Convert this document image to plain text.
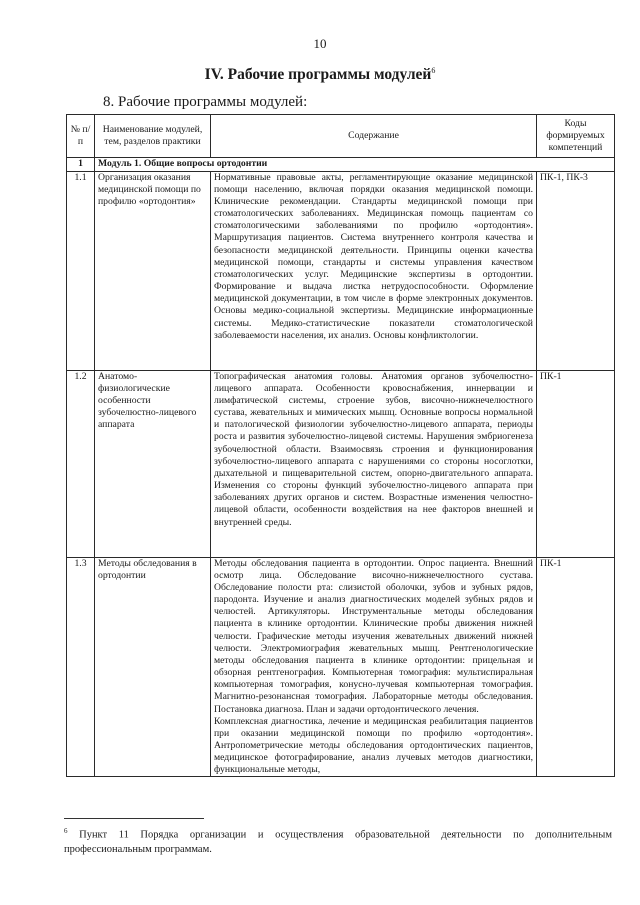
10
IV. Рабочие программы модулей$^6$
8. Рабочие программы модулей:
№ п/п	Наименование модулей, тем, разделов практики	Содержание	Коды формируемых компетенций
1	Модуль 1. Общие вопросы ортодонтии		
1.1	Организация оказания медицинской помощи по профилю «ортодонтия»	Нормативные правовые акты, регламентирующие оказание медицинской помощи населению, включая порядки оказания медицинской помощи. Клинические рекомендации. Стандарты медицинской помощи при стоматологических заболеваниях. Медицинская помощь пациентам со стоматологическими заболеваниями по профилю «ортодонтия». Маршрутизация пациентов. Система внутреннего контроля качества и безопасности медицинской деятельности. Принципы оценки качества медицинской помощи, стандарты и системы управления качеством стоматологических услуг. Медицинские экспертизы в ортодонтии. Формирование и выдача листка нетрудоспособности. Оформление медицинской документации, в том числе в форме электронных документов. Основы медико-социальной экспертизы. Медицинские информационные системы. Медико-статистические показатели стоматологической заболеваемости населения, их анализ. Основы конфликтологии.	ПК-1, ПК-3
1.2	Анатомо-физиологические особенности зубочелюстно-лицевого аппарата	Топографическая анатомия головы. Анатомия органов зубочелюстно-лицевого аппарата. Особенности кровоснабжения, иннервации и лимфатической системы, строение зубов, височно-нижнечелюстного сустава, жевательных и мимических мышц. Основные вопросы нормальной и патологической физиологии зубочелюстно-лицевого аппарата, периоды роста и развития зубочелюстно-лицевой системы. Нарушения эмбриогенеза зубочелюстной области. Взаимосвязь строения и функционирования зубочелюстно-лицевого аппарата с нарушениями со стороны носоглотки, дыхательной и пищеварительной систем, опорно-двигательного аппарата. Изменения со стороны функций зубочелюстно-лицевого аппарата при заболеваниях других органов и систем. Возрастные изменения челюстно-лицевой области, особенности воздействия на нее факторов внешней и внутренней среды.	ПК-1
1.3	Методы обследования в ортодонтии	Методы обследования пациента в ортодонтии. Опрос пациента. Внешний осмотр лица. Обследование височно-нижнечелюстного сустава. Обследование полости рта: слизистой оболочки, зубов и зубных рядов, пародонта. Изучение и анализ диагностических моделей зубных рядов и челюстей. Артикуляторы. Инструментальные методы обследования пациента в клинике ортодонтии. Клинические пробы движения нижней челюсти. Графические методы изучения жевательных движений нижней челюсти. Электромиография жевательных мышц. Рентгенологические методы обследования пациента в клинике ортодонтии: прицельная и обзорная рентгенография. Компьютерная томография: мультиспиральная компьютерная томография, конусно-лучевая компьютерная томография. Магнитно-резонансная томография. Лабораторные методы обследования. Постановка диагноза. План и задачи ортодонтического лечения.

Комплексная диагностика, лечение и медицинская реабилитация пациентов при оказании медицинской помощи по профилю «ортодонтия». Антропометрические методы обследования ортодонтических пациентов, медицинское фотографирование, анализ лучевых методов диагностики, функциональные методы,	ПК-1
$^6$ Пункт 11 Порядка организации и осуществления образовательной деятельности по дополнительным профессиональным программам.
